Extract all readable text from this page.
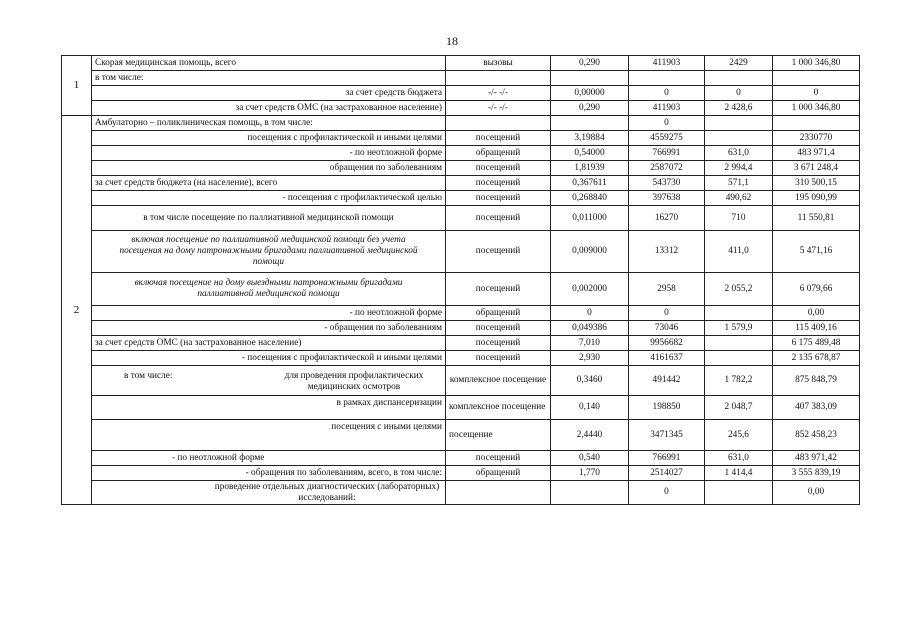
18
1	Скорая медицинская помощь, всего	вызовы	0,290	411903	2429	1 000 346,80
	в том числе:					
	за счет средств бюджета	-/- -/-	0,00000	0	0	0
	за счет средств ОМС (на застрахованное население)	-/- -/-	0,290	411903	2 428,6	1 000 346,80
2	Амбулаторно – поликлиническая помощь, в том числе:			0		
	посещения с профилактической и иными целями	посещений	3,19884	4559275		2330770
	- по неотложной форме	обращений	0,54000	766991	631,0	483 971,4
	обращения по заболеваниям	посещений	1,81939	2587072	2 994,4	3 671 248,4
	за счет средств бюджета (на население), всего	посещений	0,367611	543730	571,1	310 500,15
	- посещения с профилактической целью	посещений	0,268840	397638	490,62	195 090,99
	в том числе посещение по паллиативной медицинской помощи	посещений	0,011000	16270	710	11 550,81
	включая посещение по паллиативной медицинской помощи без учета посещения на дому патронажными бригадами паллиативной медицинской помощи	посещений	0,009000	13312	411,0	5 471,16
	включая посещение на дому выездными патронажными бригадами паллиативной медицинской помощи	посещений	0,002000	2958	2 055,2	6 079,66
	- по неотложной форме	обращений	0	0		0,00
	- обращения по заболеваниям	посещений	0,049386	73046	1 579,9	115 409,16
	за счет средств ОМС (на застрахованное население)	посещений	7,010	9956682		6 175 489,48
	- посещения с профилактической и иными целями	посещений	2,930	4161637		2 135 678,87

	в том числе: для проведения профилактических медицинских осмотров	комплексное посещение	0,3460	491442	1 782,2	875 848,79
	в рамках диспансеризации	комплексное посещение	0,140	198850	2 048,7	407 383,09
	посещения с иными целями	посещение	2,4440	3471345	245,6	852 458,23
	- по неотложной форме	посещений	0,540	766991	631,0	483 971,42
	- обращения по заболеваниям, всего, в том числе:	обращений	1,770	2514027	1 414,4	3 555 839,19
	проведение отдельных диагностических (лабораторных) исследований:			0		0,00
